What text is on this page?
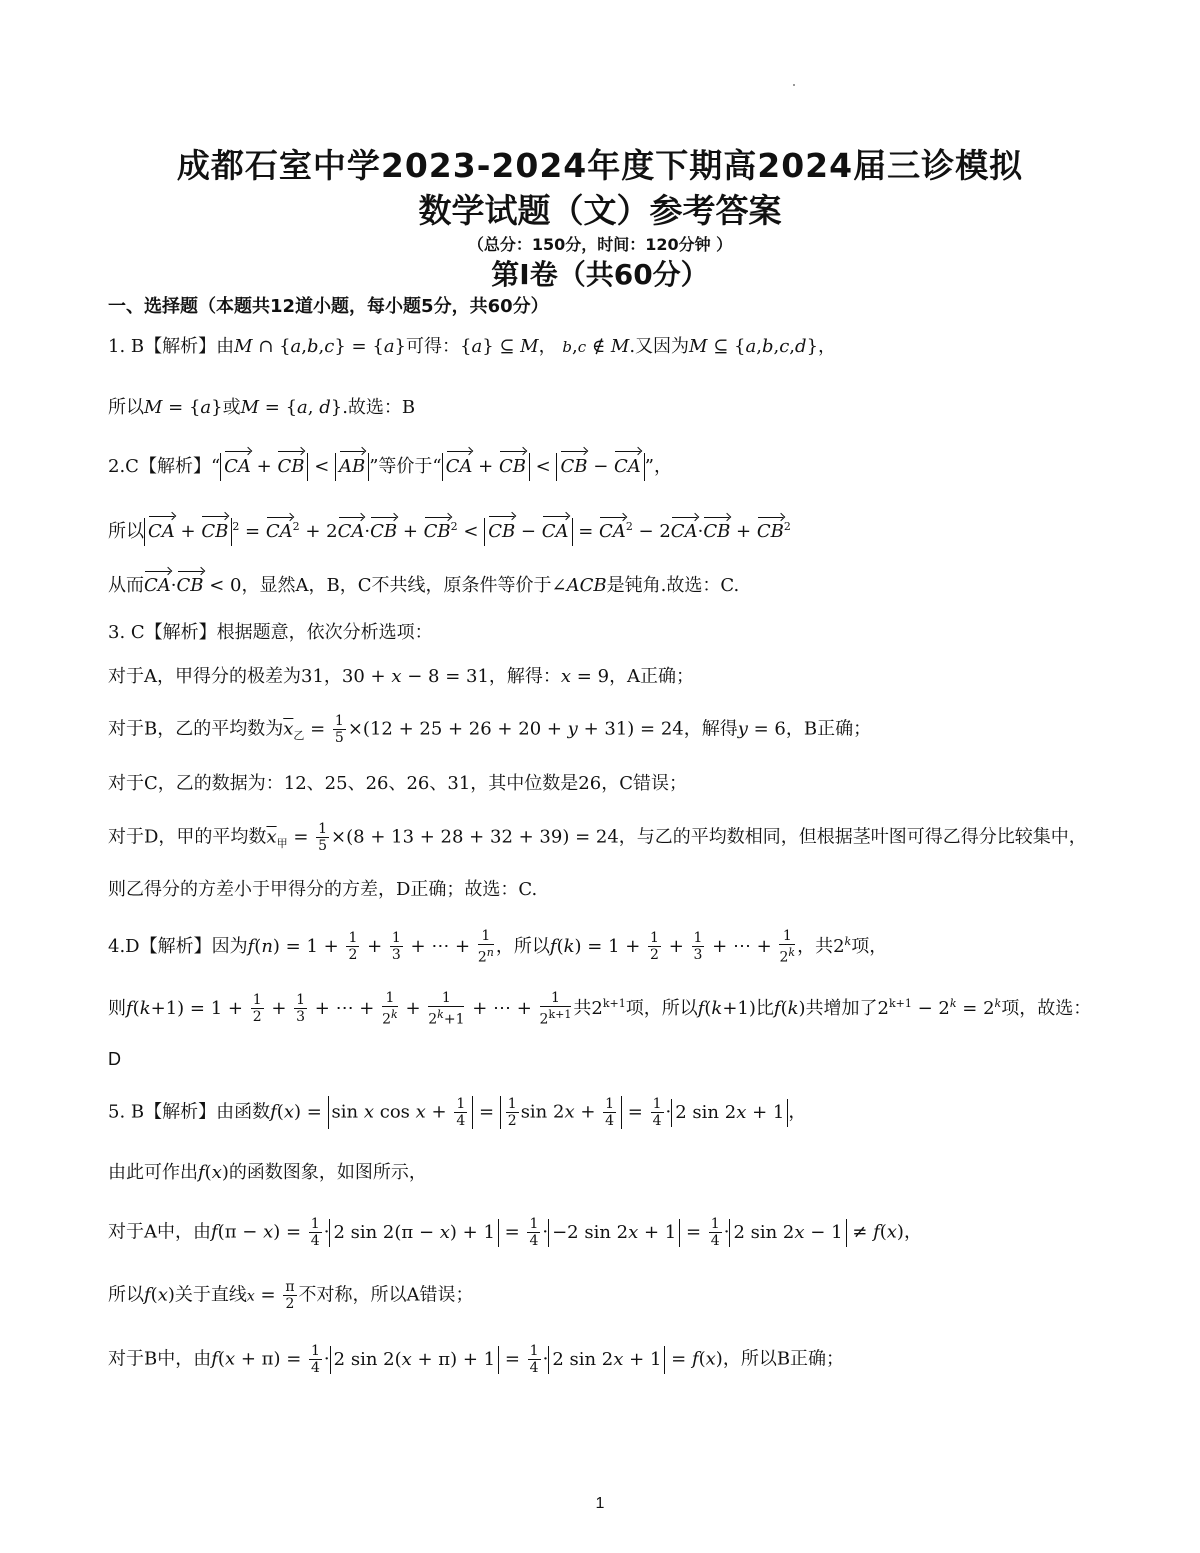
成都石室中学2023-2024年度下期高2024届三诊模拟
数学试题（文）参考答案
（总分：150分，时间：120分钟 ）
第Ⅰ卷（共60分）
一、选择题（本题共12道小题，每小题5分，共60分）
1. B【解析】由M ∩ {a,b,c} = {a}可得：{a} ⊆ M， b,c ∉ M.又因为M ⊆ {a,b,c,d}，
所以M = {a}或M = {a, d}.故选：B
2.C【解析】“ CA + CB < AB ”等价于“ CA + CB < CB − CA ”，
所以 CA + CB $^2 = CA^2 + 2CA\cdot CB + CB^2$ < CB − CA = $CA^2 - 2CA\cdot CB + CB^2$
从而CA·CB < 0，显然A，B，C不共线，原条件等价于∠ACB是钝角.故选：C.
3. C【解析】根据题意，依次分析选项：
对于A，甲得分的极差为31，30 + x − 8 = 31，解得：x = 9，A正确；
对于B，乙的平均数为$\overline{x}_乙 = \frac{1}{5} \times(12 + 25 + 26 + 20 + y + 31) = 24$，解得y = 6，B正确；
对于C，乙的数据为：12、25、26、26、31，其中位数是26，C错误；
对于D，甲的平均数$\overline{x}_甲 = \frac{1}{5} \times(8 + 13 + 28 + 32 + 39) = 24$，与乙的平均数相同，但根据茎叶图可得乙得分比较集中，
则乙得分的方差小于甲得分的方差，D正确；故选：C.
4.D【解析】因为$f(n) = 1 + \frac{1}{2} + \frac{1}{3}$ + ⋯ + $\frac{1}{2^n}$ ，所以$f(k) = 1 + \frac{1}{2} + \frac{1}{3}$ + ⋯ + $\frac{1}{2^k}$ ，共2$^k$项，
则$f(k+1) = 1 + \frac{1}{2} + \frac{1}{3}$ + ⋯ + $\frac{1}{2^k} + \frac{1}{2^k+1}$ + ⋯ + $\frac{1}{2^{k+1}}$ 共$2^{k+1}$项，所以f(k+1)比f(k)共增加了$2^{k+1} - 2^k = 2^k$项，故选：
D
5. B【解析】由函数f(x) = sin x $\cos x + \frac{1}{4} = \frac{1}{2}$ $\sin 2x + \frac{1}{4} = \frac{1}{4} \cdot 2$ sin 2x + 1 ，
由此可作出f(x)的函数图象，如图所示，
对于A中，由$f(\pi - x) = \frac{1}{4} \cdot 2$ $\sin 2(\pi - x) + 1 = \frac{1}{4} \cdot -2$ $\sin 2x + 1 = \frac{1}{4} \cdot 2$ sin 2x − 1 ≠ f(x)，
所以f(x)关于直线$x = \frac{\pi}{2}$ 不对称，所以A错误；
对于B中，由$f(x + \pi) = \frac{1}{4} \cdot 2$ $\sin 2(x + \pi) + 1 = \frac{1}{4} \cdot 2$ sin 2x + 1 = f(x)，所以B正确；
1
